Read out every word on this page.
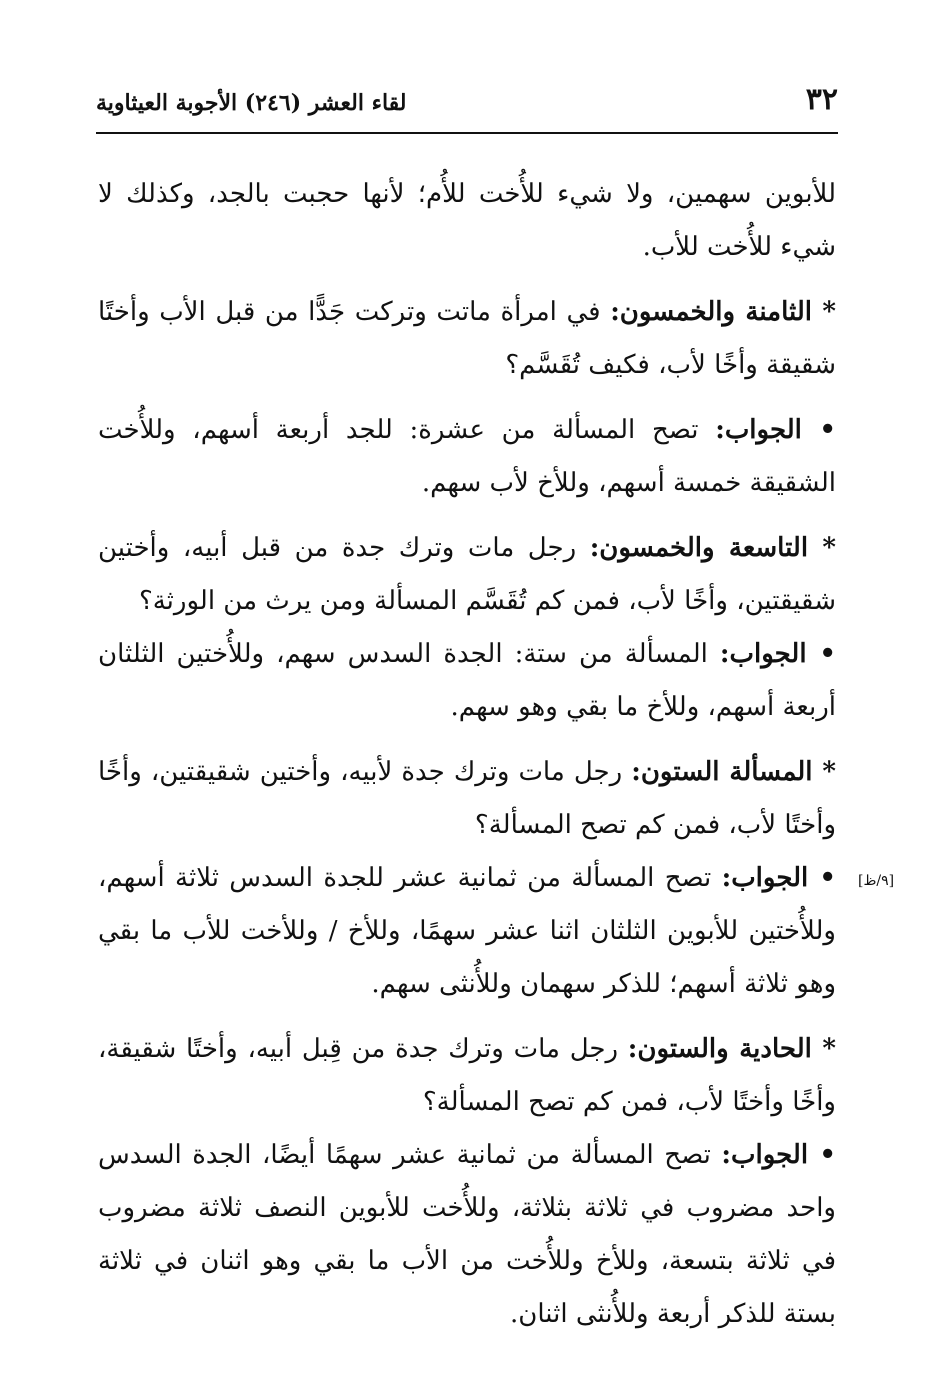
٣٢
لقاء العشر (٢٤٦) الأجوبة العيثاوية

للأبوين سهمين، ولا شيء للأُخت للأُم؛ لأنها حجبت بالجد، وكذلك لا شيء للأُخت للأب.

* الثامنة والخمسون: في امرأة ماتت وتركت جَدًّا من قبل الأب وأختًا شقيقة وأخًا لأب، فكيف تُقَسَّم؟

• الجواب: تصح المسألة من عشرة: للجد أربعة أسهم، وللأُخت الشقيقة خمسة أسهم، وللأخ لأب سهم.

* التاسعة والخمسون: رجل مات وترك جدة من قبل أبيه، وأختين شقيقتين، وأخًا لأب، فمن كم تُقَسَّم المسألة ومن يرث من الورثة؟

• الجواب: المسألة من ستة: الجدة السدس سهم، وللأُختين الثلثان أربعة أسهم، وللأخ ما بقي وهو سهم.

* المسألة الستون: رجل مات وترك جدة لأبيه، وأختين شقيقتين، وأخًا وأختًا لأب، فمن كم تصح المسألة؟

• الجواب: تصح المسألة من ثمانية عشر للجدة السدس ثلاثة أسهم، وللأُختين للأبوين الثلثان اثنا عشر سهمًا، وللأخ / وللأخت للأب ما بقي وهو ثلاثة أسهم؛ للذكر سهمان وللأُنثى سهم.

* الحادية والستون: رجل مات وترك جدة من قِبل أبيه، وأختًا شقيقة، وأخًا وأختًا لأب، فمن كم تصح المسألة؟

• الجواب: تصح المسألة من ثمانية عشر سهمًا أيضًا، الجدة السدس واحد مضروب في ثلاثة بثلاثة، وللأُخت للأبوين النصف ثلاثة مضروب في ثلاثة بتسعة، وللأخ وللأُخت من الأب ما بقي وهو اثنان في ثلاثة بستة للذكر أربعة وللأُنثى اثنان.

[٩/ظ]
